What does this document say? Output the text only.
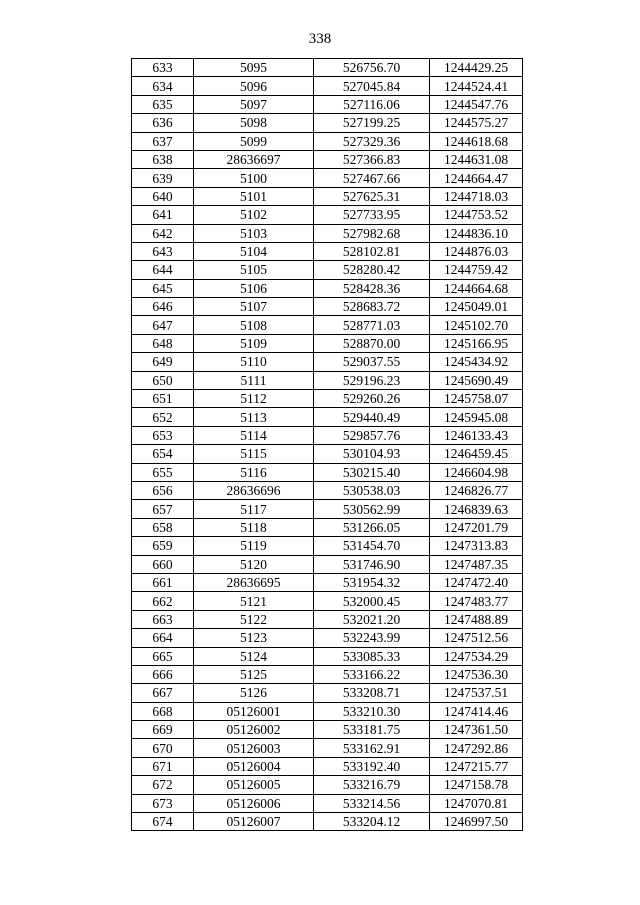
338
633	5095	526756.70	1244429.25
634	5096	527045.84	1244524.41
635	5097	527116.06	1244547.76
636	5098	527199.25	1244575.27
637	5099	527329.36	1244618.68
638	28636697	527366.83	1244631.08
639	5100	527467.66	1244664.47
640	5101	527625.31	1244718.03
641	5102	527733.95	1244753.52
642	5103	527982.68	1244836.10
643	5104	528102.81	1244876.03
644	5105	528280.42	1244759.42
645	5106	528428.36	1244664.68
646	5107	528683.72	1245049.01
647	5108	528771.03	1245102.70
648	5109	528870.00	1245166.95
649	5110	529037.55	1245434.92
650	5111	529196.23	1245690.49
651	5112	529260.26	1245758.07
652	5113	529440.49	1245945.08
653	5114	529857.76	1246133.43
654	5115	530104.93	1246459.45
655	5116	530215.40	1246604.98
656	28636696	530538.03	1246826.77
657	5117	530562.99	1246839.63
658	5118	531266.05	1247201.79
659	5119	531454.70	1247313.83
660	5120	531746.90	1247487.35
661	28636695	531954.32	1247472.40
662	5121	532000.45	1247483.77
663	5122	532021.20	1247488.89
664	5123	532243.99	1247512.56
665	5124	533085.33	1247534.29
666	5125	533166.22	1247536.30
667	5126	533208.71	1247537.51
668	05126001	533210.30	1247414.46
669	05126002	533181.75	1247361.50
670	05126003	533162.91	1247292.86
671	05126004	533192.40	1247215.77
672	05126005	533216.79	1247158.78
673	05126006	533214.56	1247070.81
674	05126007	533204.12	1246997.50
